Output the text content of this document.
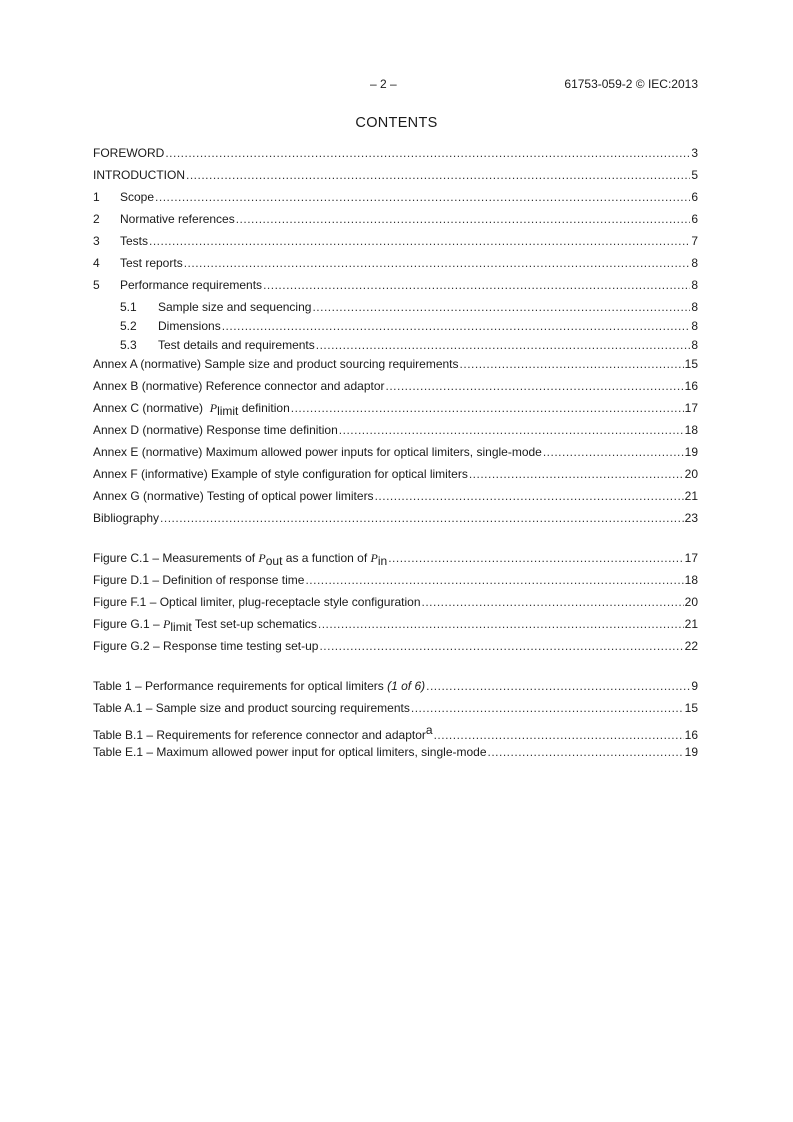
– 2 –	61753-059-2 © IEC:2013
CONTENTS
FOREWORD .....	3
INTRODUCTION .....	5
1	Scope .....	6
2	Normative references .....	6
3	Tests .....	7
4	Test reports .....	8
5	Performance requirements .....	8
5.1	Sample size and sequencing .....	8
5.2	Dimensions .....	8
5.3	Test details and requirements .....	8
Annex A (normative) Sample size and product sourcing requirements .....	15
Annex B (normative) Reference connector and adaptor .....	16
Annex C (normative)  $P_{limit}$ definition .....	17
Annex D (normative) Response time definition .....	18
Annex E (normative) Maximum allowed power inputs for optical limiters, single-mode .....	19
Annex F (informative) Example of style configuration for optical limiters .....	20
Annex G (normative) Testing of optical power limiters .....	21
Bibliography .....	23
Figure C.1 – Measurements of $P_{out}$ as a function of $P_{in}$ .....	17
Figure D.1 – Definition of response time .....	18
Figure F.1 – Optical limiter, plug-receptacle style configuration .....	20
Figure $G.1 - P_{limit}$ Test set-up schematics .....	21
Figure G.2 – Response time testing set-up .....	22
Table 1 – Performance requirements for optical limiters (1 of 6) .....	9
Table A.1 – Sample size and product sourcing requirements .....	15
Table B.1 – Requirements for reference connector and adaptor$^a$ .....	16
Table E.1 – Maximum allowed power input for optical limiters, single-mode .....	19
